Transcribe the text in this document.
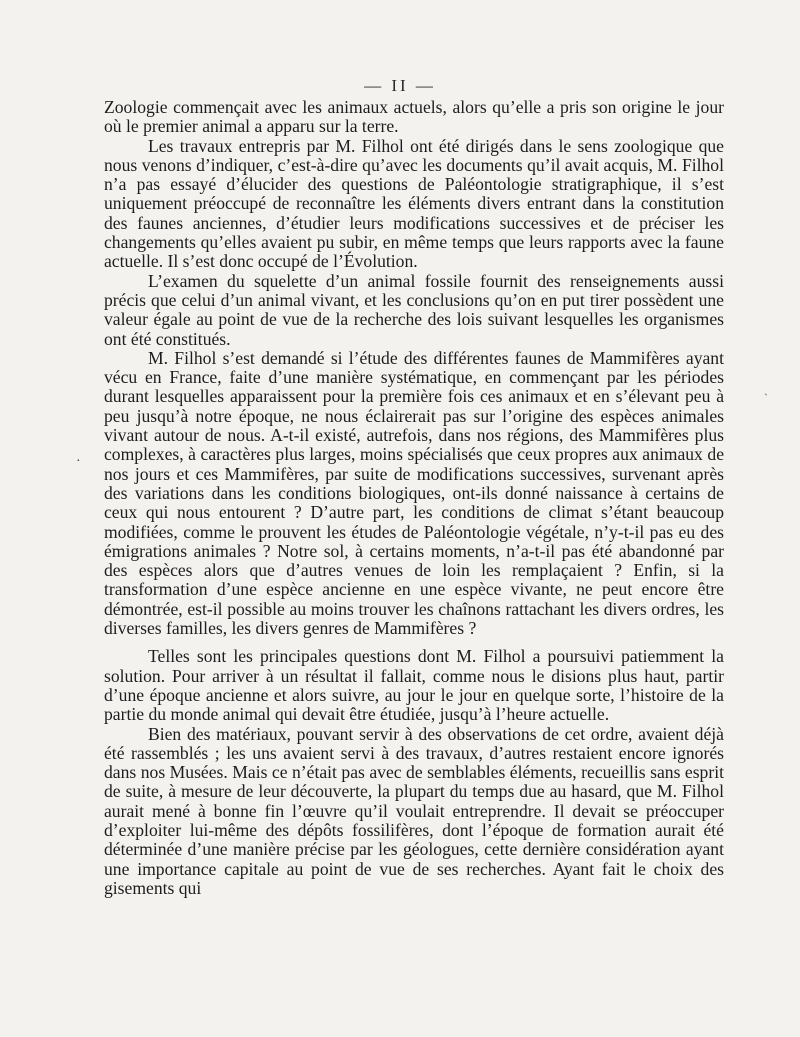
— II —

Zoologie commençait avec les animaux actuels, alors qu’elle a pris son origine le jour où le premier animal a apparu sur la terre.

Les travaux entrepris par M. Filhol ont été dirigés dans le sens zoologique que nous venons d’indiquer, c’est-à-dire qu’avec les documents qu’il avait acquis, M. Filhol n’a pas essayé d’élucider des questions de Paléontologie stratigraphique, il s’est uniquement préoccupé de reconnaître les éléments divers entrant dans la constitution des faunes anciennes, d’étudier leurs modifications successives et de préciser les changements qu’elles avaient pu subir, en même temps que leurs rapports avec la faune actuelle. Il s’est donc occupé de l’Évolution.

L’examen du squelette d’un animal fossile fournit des renseignements aussi précis que celui d’un animal vivant, et les conclusions qu’on en put tirer possèdent une valeur égale au point de vue de la recherche des lois suivant lesquelles les organismes ont été constitués.

M. Filhol s’est demandé si l’étude des différentes faunes de Mammifères ayant vécu en France, faite d’une manière systématique, en commençant par les périodes durant lesquelles apparaissent pour la première fois ces animaux et en s’élevant peu à peu jusqu’à notre époque, ne nous éclairerait pas sur l’origine des espèces animales vivant autour de nous. A-t-il existé, autrefois, dans nos régions, des Mammifères plus complexes, à caractères plus larges, moins spécialisés que ceux propres aux animaux de nos jours et ces Mammifères, par suite de modifications successives, survenant après des variations dans les conditions biologiques, ont-ils donné naissance à certains de ceux qui nous entourent ? D’autre part, les conditions de climat s’étant beaucoup modifiées, comme le prouvent les études de Paléontologie végétale, n’y-t-il pas eu des émigrations animales ? Notre sol, à certains moments, n’a-t-il pas été abandonné par des espèces alors que d’autres venues de loin les remplaçaient ? Enfin, si la transformation d’une espèce ancienne en une espèce vivante, ne peut encore être démontrée, est-il possible au moins trouver les chaînons rattachant les divers ordres, les diverses familles, les divers genres de Mammifères ?

Telles sont les principales questions dont M. Filhol a poursuivi patiemment la solution. Pour arriver à un résultat il fallait, comme nous le disions plus haut, partir d’une époque ancienne et alors suivre, au jour le jour en quelque sorte, l’histoire de la partie du monde animal qui devait être étudiée, jusqu’à l’heure actuelle.

Bien des matériaux, pouvant servir à des observations de cet ordre, avaient déjà été rassemblés ; les uns avaient servi à des travaux, d’autres restaient encore ignorés dans nos Musées. Mais ce n’était pas avec de semblables éléments, recueillis sans esprit de suite, à mesure de leur découverte, la plupart du temps due au hasard, que M. Filhol aurait mené à bonne fin l’œuvre qu’il voulait entreprendre. Il devait se préoccuper d’exploiter lui-même des dépôts fossilifères, dont l’époque de formation aurait été déterminée d’une manière précise par les géologues, cette dernière considération ayant une importance capitale au point de vue de ses recherches. Ayant fait le choix des gisements qui

·
ˋ
